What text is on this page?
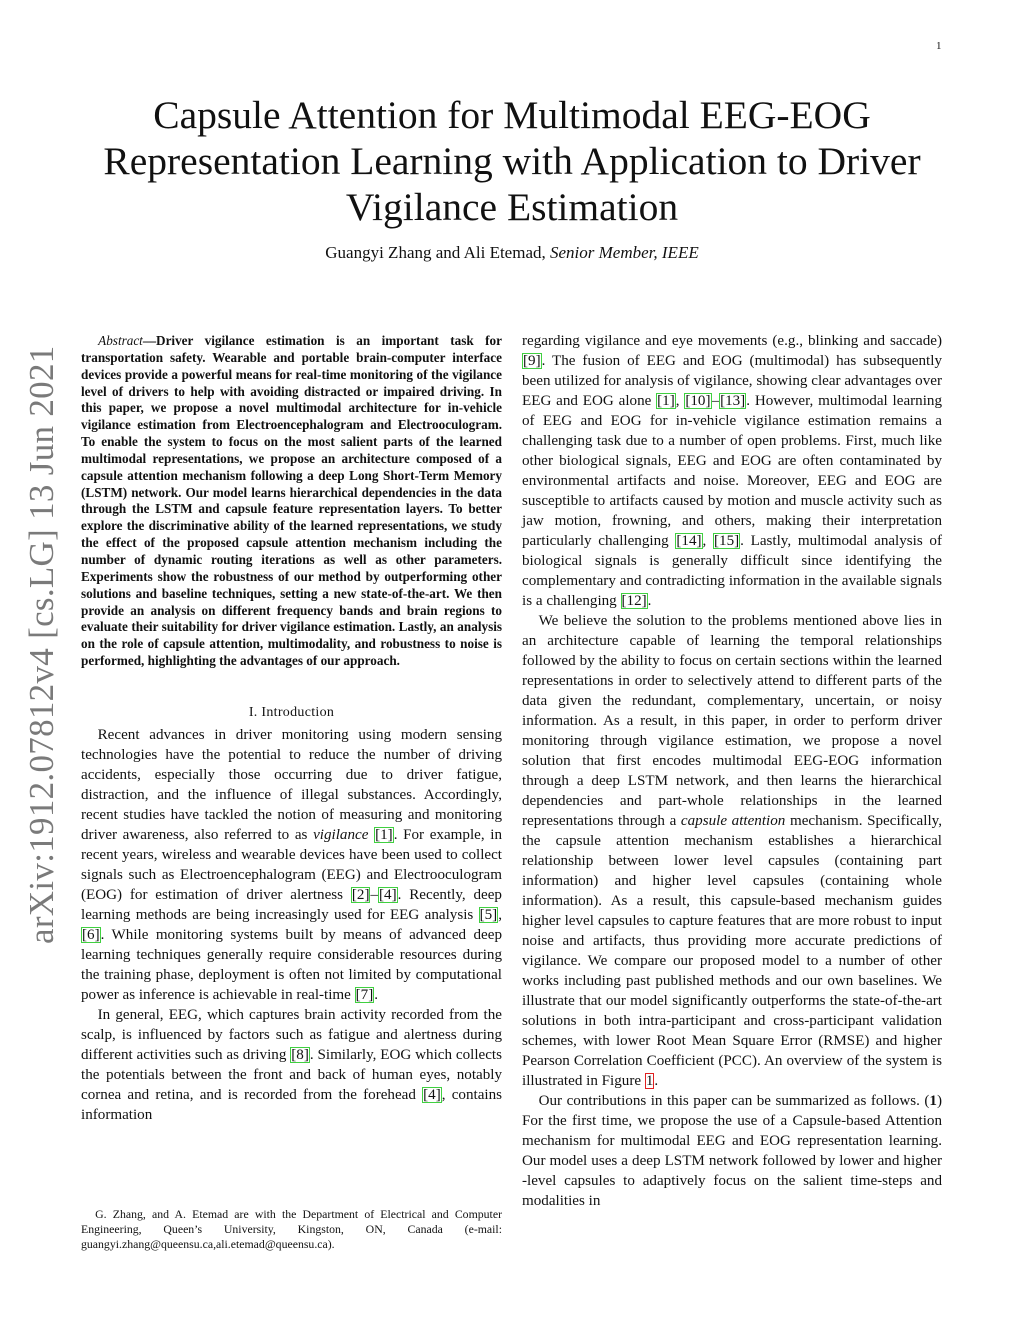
1
arXiv:1912.07812v4 [cs.LG] 13 Jun 2021
Capsule Attention for Multimodal EEG-EOG Representation Learning with Application to Driver Vigilance Estimation
Guangyi Zhang and Ali Etemad, Senior Member, IEEE

Abstract—Driver vigilance estimation is an important task for transportation safety. Wearable and portable brain-computer interface devices provide a powerful means for real-time monitoring of the vigilance level of drivers to help with avoiding distracted or impaired driving. In this paper, we propose a novel multimodal architecture for in-vehicle vigilance estimation from Electroencephalogram and Electrooculogram. To enable the system to focus on the most salient parts of the learned multimodal representations, we propose an architecture composed of a capsule attention mechanism following a deep Long Short-Term Memory (LSTM) network. Our model learns hierarchical dependencies in the data through the LSTM and capsule feature representation layers. To better explore the discriminative ability of the learned representations, we study the effect of the proposed capsule attention mechanism including the number of dynamic routing iterations as well as other parameters. Experiments show the robustness of our method by outperforming other solutions and baseline techniques, setting a new state-of-the-art. We then provide an analysis on different frequency bands and brain regions to evaluate their suitability for driver vigilance estimation. Lastly, an analysis on the role of capsule attention, multimodality, and robustness to noise is performed, highlighting the advantages of our approach.

I. Introduction

Recent advances in driver monitoring using modern sensing technologies have the potential to reduce the number of driving accidents, especially those occurring due to driver fatigue, distraction, and the influence of illegal substances. Accordingly, recent studies have tackled the notion of measuring and monitoring driver awareness, also referred to as vigilance [1]. For example, in recent years, wireless and wearable devices have been used to collect signals such as Electroencephalogram (EEG) and Electrooculogram (EOG) for estimation of driver alertness [2]–[4]. Recently, deep learning methods are being increasingly used for EEG analysis [5], [6]. While monitoring systems built by means of advanced deep learning techniques generally require considerable resources during the training phase, deployment is often not limited by computational power as inference is achievable in real-time [7].

In general, EEG, which captures brain activity recorded from the scalp, is influenced by factors such as fatigue and alertness during different activities such as driving [8]. Similarly, EOG which collects the potentials between the front and back of human eyes, notably cornea and retina, and is recorded from the forehead [4], contains information

G. Zhang, and A. Etemad are with the Department of Electrical and Computer Engineering, Queen’s University, Kingston, ON, Canada (e-mail: guangyi.zhang@queensu.ca,ali.etemad@queensu.ca).

regarding vigilance and eye movements (e.g., blinking and saccade) [9]. The fusion of EEG and EOG (multimodal) has subsequently been utilized for analysis of vigilance, showing clear advantages over EEG and EOG alone [1], [10]–[13]. However, multimodal learning of EEG and EOG for in-vehicle vigilance estimation remains a challenging task due to a number of open problems. First, much like other biological signals, EEG and EOG are often contaminated by environmental artifacts and noise. Moreover, EEG and EOG are susceptible to artifacts caused by motion and muscle activity such as jaw motion, frowning, and others, making their interpretation particularly challenging [14], [15]. Lastly, multimodal analysis of biological signals is generally difficult since identifying the complementary and contradicting information in the available signals is a challenging [12].

We believe the solution to the problems mentioned above lies in an architecture capable of learning the temporal relationships followed by the ability to focus on certain sections within the learned representations in order to selectively attend to different parts of the data given the redundant, complementary, uncertain, or noisy information. As a result, in this paper, in order to perform driver monitoring through vigilance estimation, we propose a novel solution that first encodes multimodal EEG-EOG information through a deep LSTM network, and then learns the hierarchical dependencies and part-whole relationships in the learned representations through a capsule attention mechanism. Specifically, the capsule attention mechanism establishes a hierarchical relationship between lower level capsules (containing part information) and higher level capsules (containing whole information). As a result, this capsule-based mechanism guides higher level capsules to capture features that are more robust to input noise and artifacts, thus providing more accurate predictions of vigilance. We compare our proposed model to a number of other works including past published methods and our own baselines. We illustrate that our model significantly outperforms the state-of-the-art solutions in both intra-participant and cross-participant validation schemes, with lower Root Mean Square Error (RMSE) and higher Pearson Correlation Coefficient (PCC). An overview of the system is illustrated in Figure 1.

Our contributions in this paper can be summarized as follows. (1) For the first time, we propose the use of a Capsule-based Attention mechanism for multimodal EEG and EOG representation learning. Our model uses a deep LSTM network followed by lower and higher -level capsules to adaptively focus on the salient time-steps and modalities in
